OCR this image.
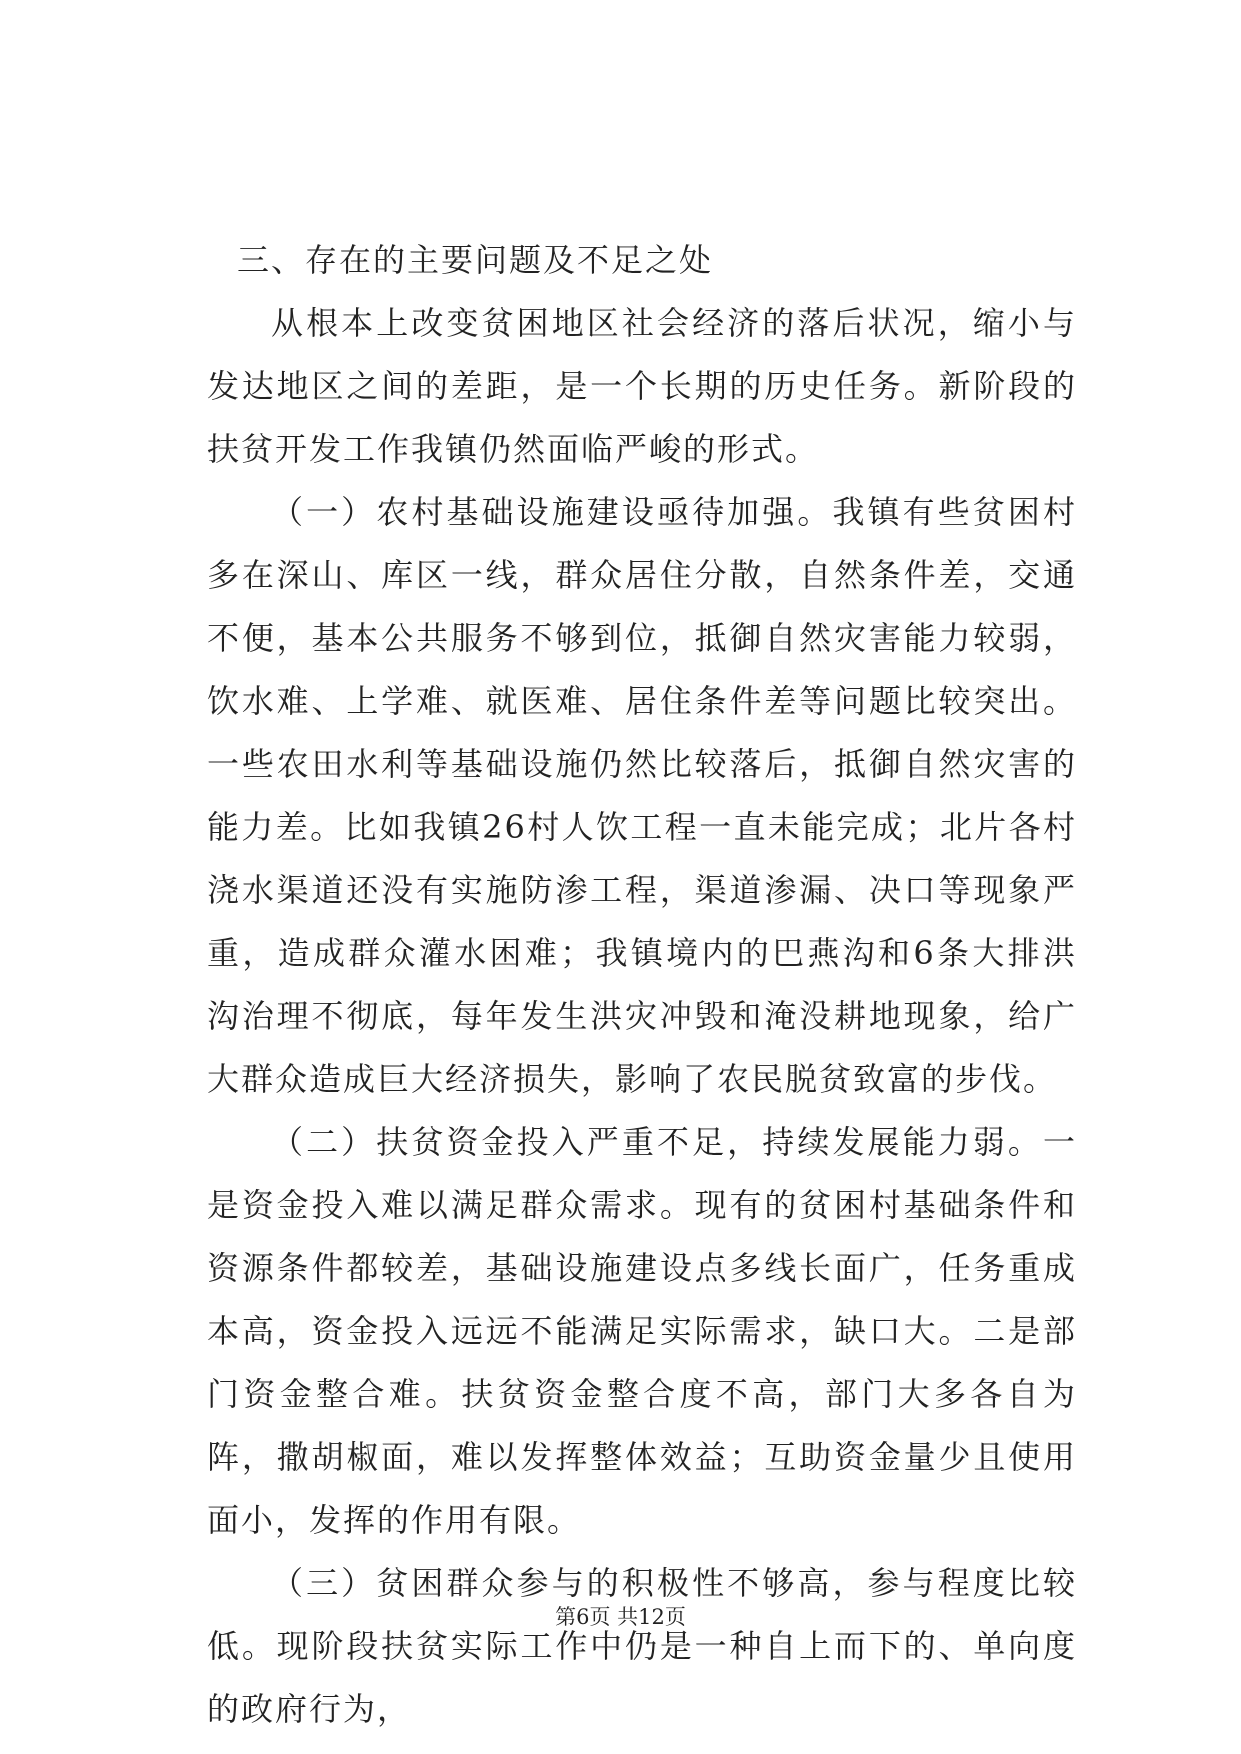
三、存在的主要问题及不足之处

从根本上改变贫困地区社会经济的落后状况，缩小与发达地区之间的差距，是一个长期的历史任务。新阶段的扶贫开发工作我镇仍然面临严峻的形式。

（一）农村基础设施建设亟待加强。我镇有些贫困村多在深山、库区一线，群众居住分散，自然条件差，交通不便，基本公共服务不够到位，抵御自然灾害能力较弱，饮水难、上学难、就医难、居住条件差等问题比较突出。一些农田水利等基础设施仍然比较落后，抵御自然灾害的能力差。比如我镇26村人饮工程一直未能完成；北片各村浇水渠道还没有实施防渗工程，渠道渗漏、决口等现象严重，造成群众灌水困难；我镇境内的巴燕沟和6条大排洪沟治理不彻底，每年发生洪灾冲毁和淹没耕地现象，给广大群众造成巨大经济损失，影响了农民脱贫致富的步伐。

（二）扶贫资金投入严重不足，持续发展能力弱。一是资金投入难以满足群众需求。现有的贫困村基础条件和资源条件都较差，基础设施建设点多线长面广，任务重成本高，资金投入远远不能满足实际需求，缺口大。二是部门资金整合难。扶贫资金整合度不高，部门大多各自为阵，撒胡椒面，难以发挥整体效益；互助资金量少且使用面小，发挥的作用有限。

（三）贫困群众参与的积极性不够高，参与程度比较低。现阶段扶贫实际工作中仍是一种自上而下的、单向度的政府行为，

第6页 共12页
